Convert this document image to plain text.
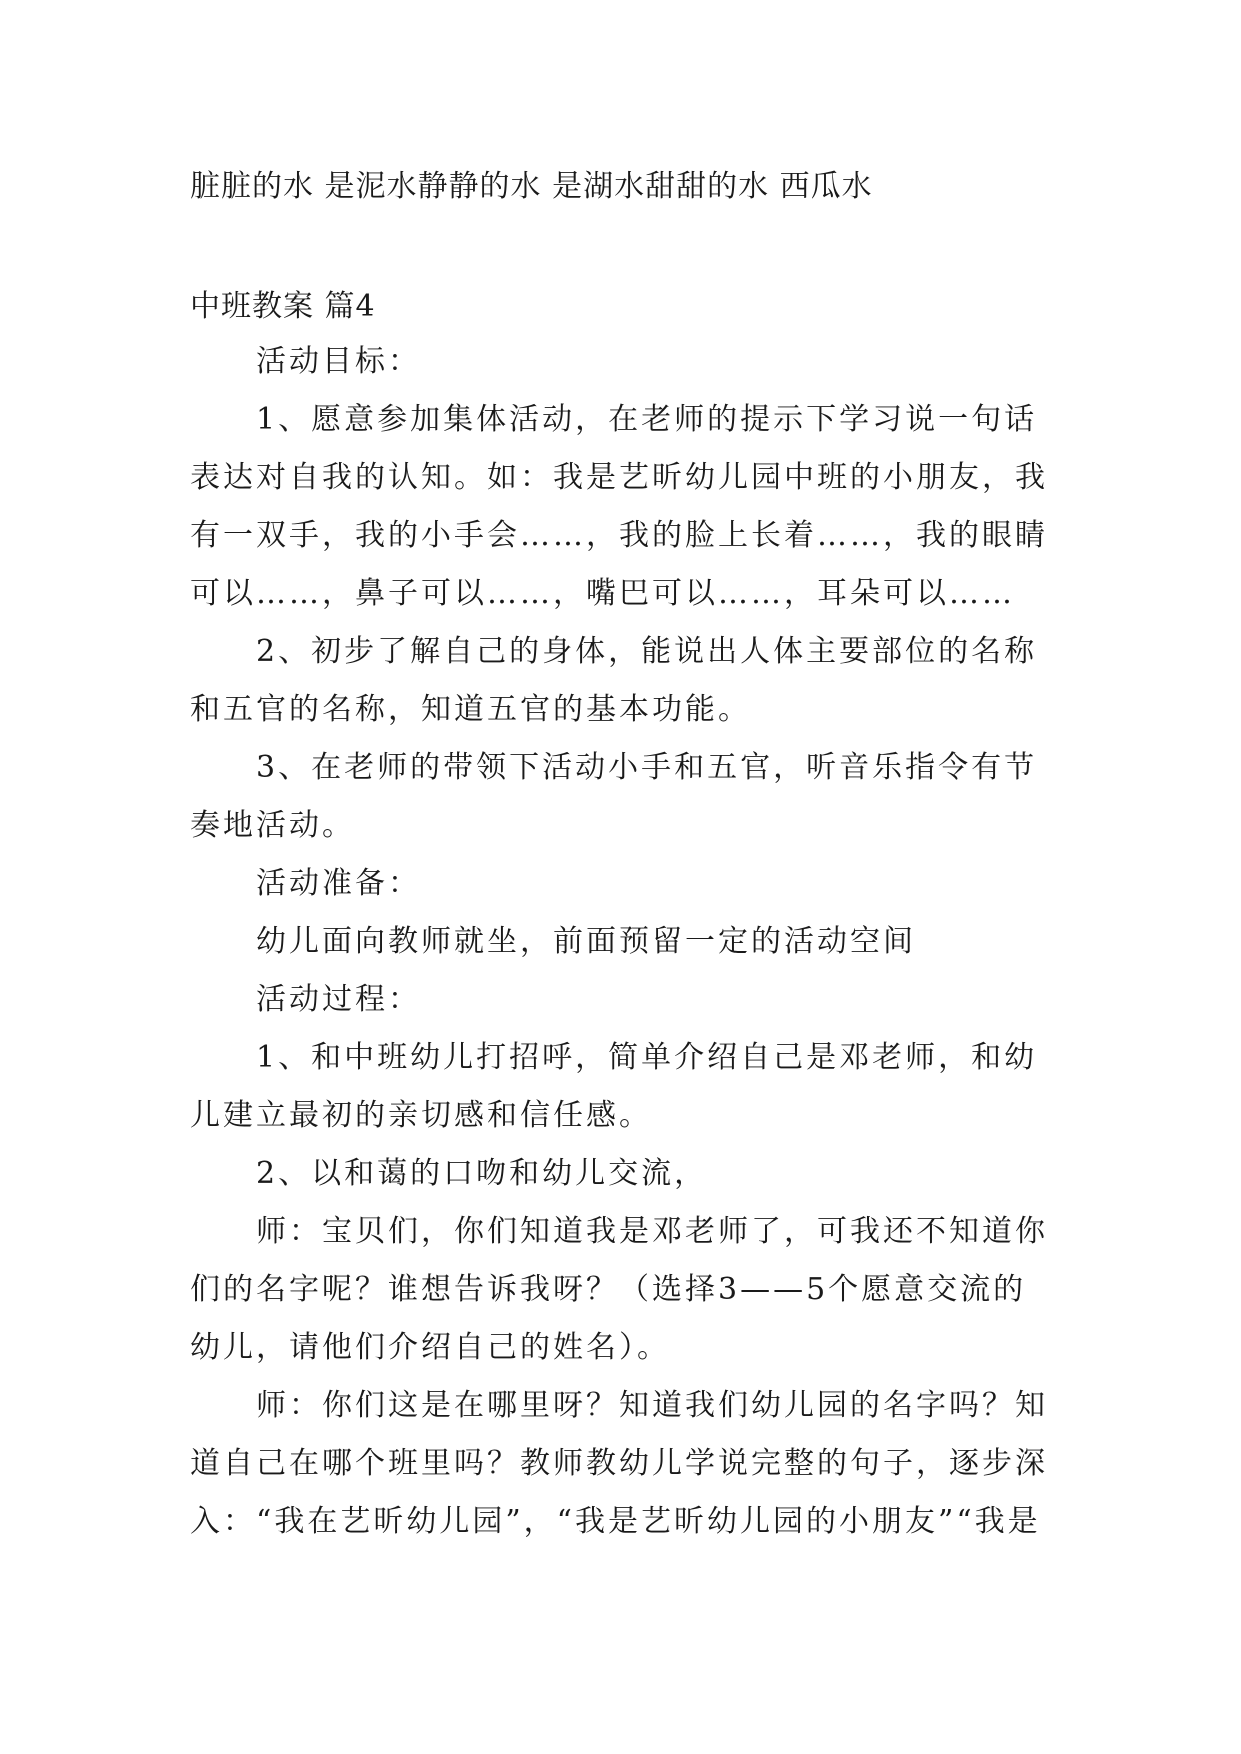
脏脏的水 是泥水静静的水 是湖水甜甜的水 西瓜水
中班教案 篇4

活动目标：

1、愿意参加集体活动，在老师的提示下学习说一句话
表达对自我的认知。如：我是艺昕幼儿园中班的小朋友，我
有一双手，我的小手会……，我的脸上长着……，我的眼睛
可以……，鼻子可以……，嘴巴可以……，耳朵可以……

2、初步了解自己的身体，能说出人体主要部位的名称
和五官的名称，知道五官的基本功能。

3、在老师的带领下活动小手和五官，听音乐指令有节
奏地活动。

活动准备：

幼儿面向教师就坐，前面预留一定的活动空间

活动过程：

1、和中班幼儿打招呼，简单介绍自己是邓老师，和幼
儿建立最初的亲切感和信任感。

2、以和蔼的口吻和幼儿交流，

师：宝贝们，你们知道我是邓老师了，可我还不知道你
们的名字呢？谁想告诉我呀？（选择3——5个愿意交流的
幼儿，请他们介绍自己的姓名）。

师：你们这是在哪里呀？知道我们幼儿园的名字吗？知
道自己在哪个班里吗？教师教幼儿学说完整的句子，逐步深
入：“我在艺昕幼儿园”，“我是艺昕幼儿园的小朋友”“我是
